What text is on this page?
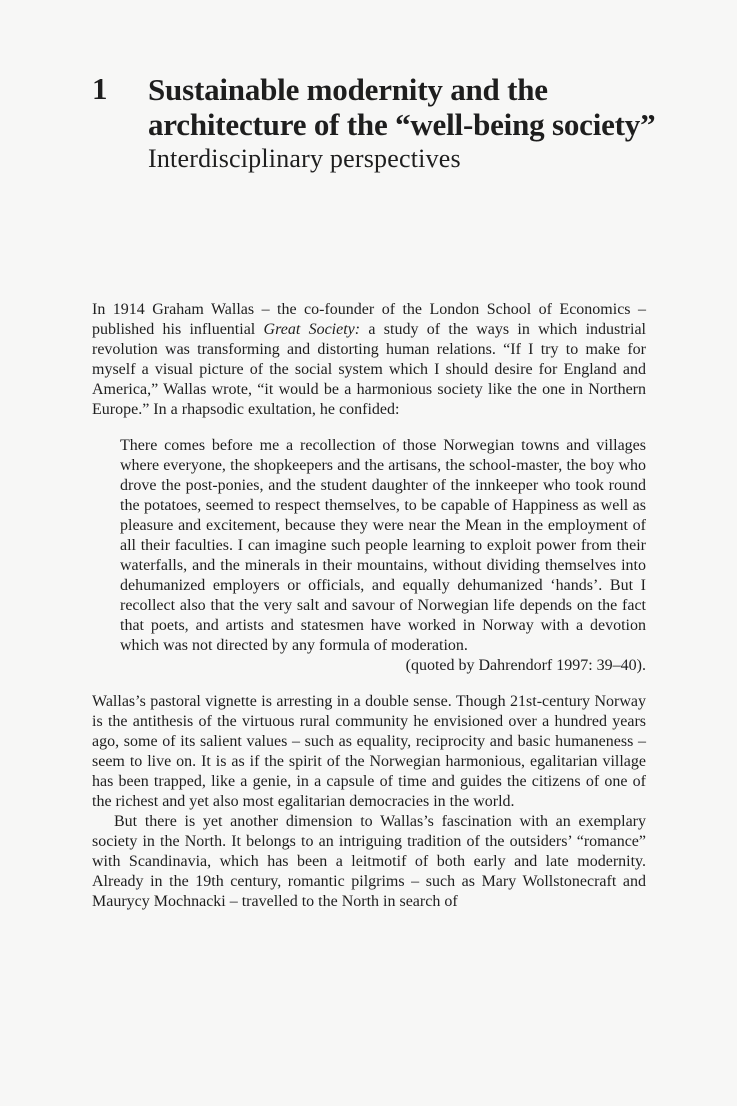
1 Sustainable modernity and the
architecture of the “well-being society”
Interdisciplinary perspectives

In 1914 Graham Wallas – the co-founder of the London School of Economics – published his influential Great Society: a study of the ways in which industrial revolution was transforming and distorting human relations. “If I try to make for myself a visual picture of the social system which I should desire for England and America,” Wallas wrote, “it would be a harmonious society like the one in Northern Europe.” In a rhapsodic exultation, he confided:

There comes before me a recollection of those Norwegian towns and villages where everyone, the shopkeepers and the artisans, the school-master, the boy who drove the post-ponies, and the student daughter of the innkeeper who took round the potatoes, seemed to respect themselves, to be capable of Happiness as well as pleasure and excitement, because they were near the Mean in the employment of all their faculties. I can imagine such people learning to exploit power from their waterfalls, and the minerals in their mountains, without dividing themselves into dehumanized employers or officials, and equally dehumanized ‘hands’. But I recollect also that the very salt and savour of Norwegian life depends on the fact that poets, and artists and statesmen have worked in Norway with a devotion which was not directed by any formula of moderation.

(quoted by Dahrendorf 1997: 39–40).

Wallas’s pastoral vignette is arresting in a double sense. Though 21st-century Norway is the antithesis of the virtuous rural community he envisioned over a hundred years ago, some of its salient values – such as equality, reciprocity and basic humaneness – seem to live on. It is as if the spirit of the Norwegian harmonious, egalitarian village has been trapped, like a genie, in a capsule of time and guides the citizens of one of the richest and yet also most egalitarian democracies in the world.

But there is yet another dimension to Wallas’s fascination with an exemplary society in the North. It belongs to an intriguing tradition of the outsiders’ “romance” with Scandinavia, which has been a leitmotif of both early and late modernity. Already in the 19th century, romantic pilgrims – such as Mary Wollstonecraft and Maurycy Mochnacki – travelled to the North in search of
